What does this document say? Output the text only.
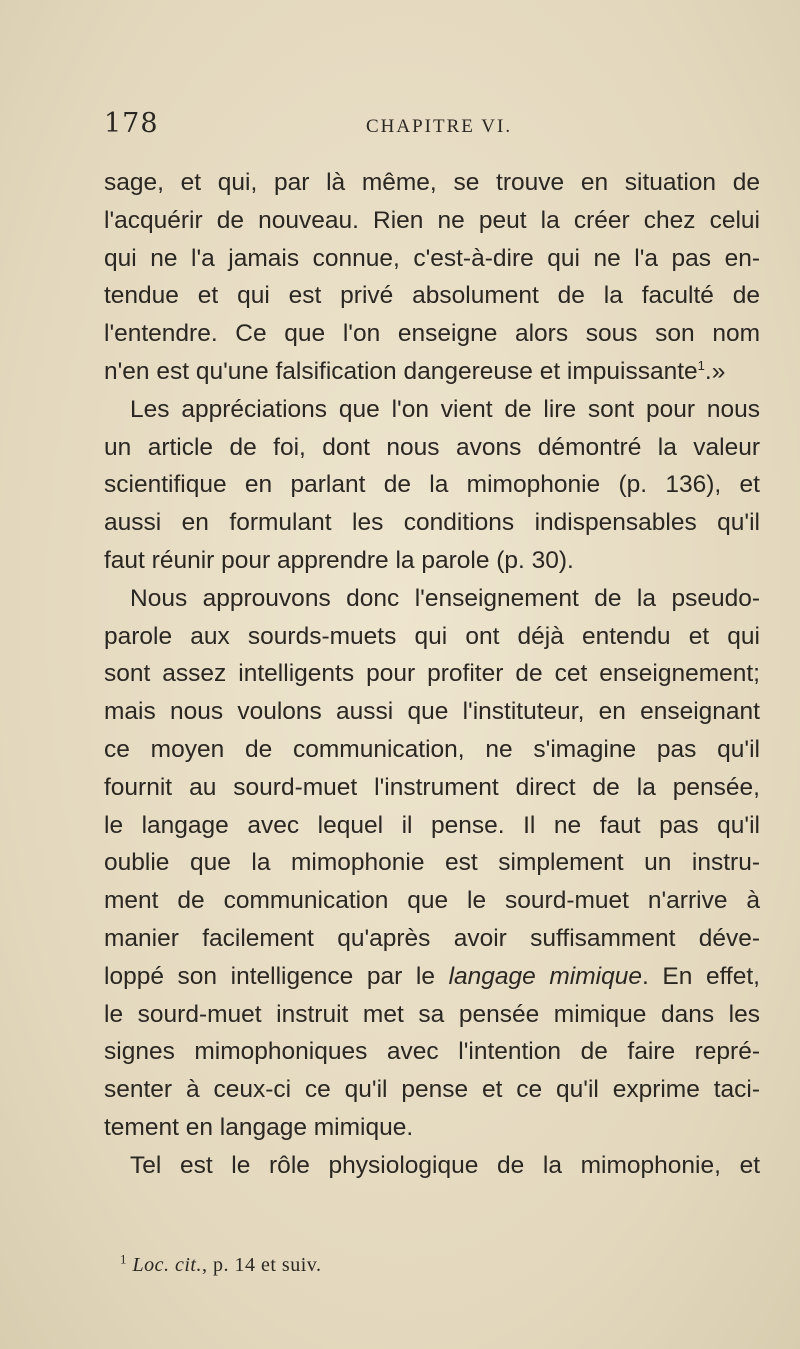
178	CHAPITRE VI.
sage, et qui, par là même, se trouve en situation de
l'acquérir de nouveau. Rien ne peut la créer chez celui
qui ne l'a jamais connue, c'est-à-dire qui ne l'a pas en-
tendue et qui est privé absolument de la faculté de
l'entendre. Ce que l'on enseigne alors sous son nom
n'en est qu'une falsification dangereuse et impuissante$^1$.»
Les appréciations que l'on vient de lire sont pour nous
un article de foi, dont nous avons démontré la valeur
scientifique en parlant de la mimophonie (p. 136), et
aussi en formulant les conditions indispensables qu'il
faut réunir pour apprendre la parole (p. 30).
Nous approuvons donc l'enseignement de la pseudo-
parole aux sourds-muets qui ont déjà entendu et qui
sont assez intelligents pour profiter de cet enseignement;
mais nous voulons aussi que l'instituteur, en enseignant
ce moyen de communication, ne s'imagine pas qu'il
fournit au sourd-muet l'instrument direct de la pensée,
le langage avec lequel il pense. Il ne faut pas qu'il
oublie que la mimophonie est simplement un instru-
ment de communication que le sourd-muet n'arrive à
manier facilement qu'après avoir suffisamment déve-
loppé son intelligence par le langage mimique. En effet,
le sourd-muet instruit met sa pensée mimique dans les
signes mimophoniques avec l'intention de faire repré-
senter à ceux-ci ce qu'il pense et ce qu'il exprime taci-
tement en langage mimique.
Tel est le rôle physiologique de la mimophonie, et
$^1$ Loc. cit., p. 14 et suiv.
